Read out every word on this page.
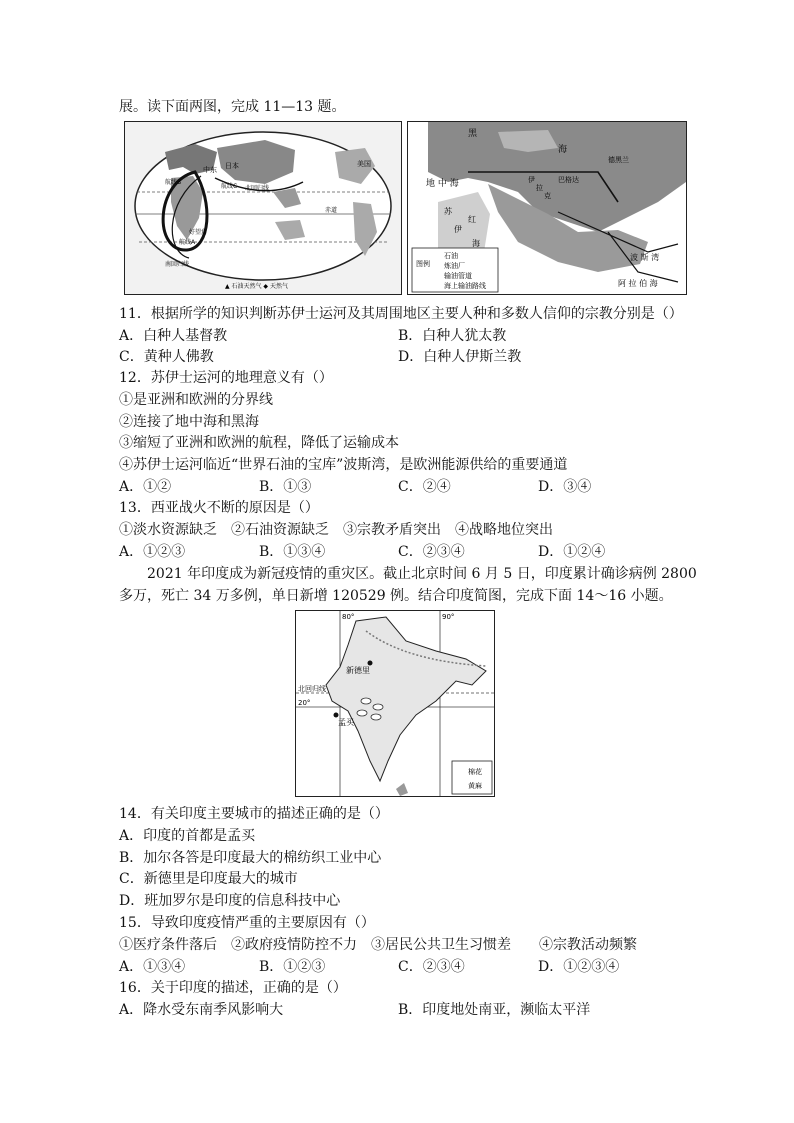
展。读下面两图，完成 11—13 题。
日本	美国
中东
北回归线
航线C
航线B
航线A
赤道
好望角
南回归线
▲ 石油天然气 ◆ 天然气
黑
海
地 中 海
红
海
苏
伊
波 斯 湾
阿 拉 伯 海
伊
拉
克
巴格达
德黑兰
图例
石油
炼油厂
输油管道
海上输油路线
11．根据所学的知识判断苏伊士运河及其周围地区主要人种和多数人信仰的宗教分别是（）
A．白种人基督教	B．白种人犹太教
C．黄种人佛教	D．白种人伊斯兰教
12．苏伊士运河的地理意义有（）
①是亚洲和欧洲的分界线
②连接了地中海和黑海
③缩短了亚洲和欧洲的航程，降低了运输成本
④苏伊士运河临近“世界石油的宝库”波斯湾，是欧洲能源供给的重要通道
A．①②	B．①③	C．②④	D．③④
13．西亚战火不断的原因是（）
①淡水资源缺乏　②石油资源缺乏　③宗教矛盾突出　④战略地位突出
A．①②③	B．①③④	C．②③④	D．①②④
2021 年印度成为新冠疫情的重灾区。截止北京时间 6 月 5 日，印度累计确诊病例 2800
多万，死亡 34 万多例，单日新增 120529 例。结合印度简图，完成下面 14～16 小题。
80°	90°
新德里
北回归线
20°
孟买
棉花
黄麻
14．有关印度主要城市的描述正确的是（）
A．印度的首都是孟买
B．加尔各答是印度最大的棉纺织工业中心
C．新德里是印度最大的城市
D．班加罗尔是印度的信息科技中心
15．导致印度疫情严重的主要原因有（）
①医疗条件落后　②政府疫情防控不力　③居民公共卫生习惯差　　④宗教活动频繁
A．①③④	B．①②③	C．②③④	D．①②③④
16．关于印度的描述，正确的是（）
A．降水受东南季风影响大	B．印度地处南亚，濒临太平洋
